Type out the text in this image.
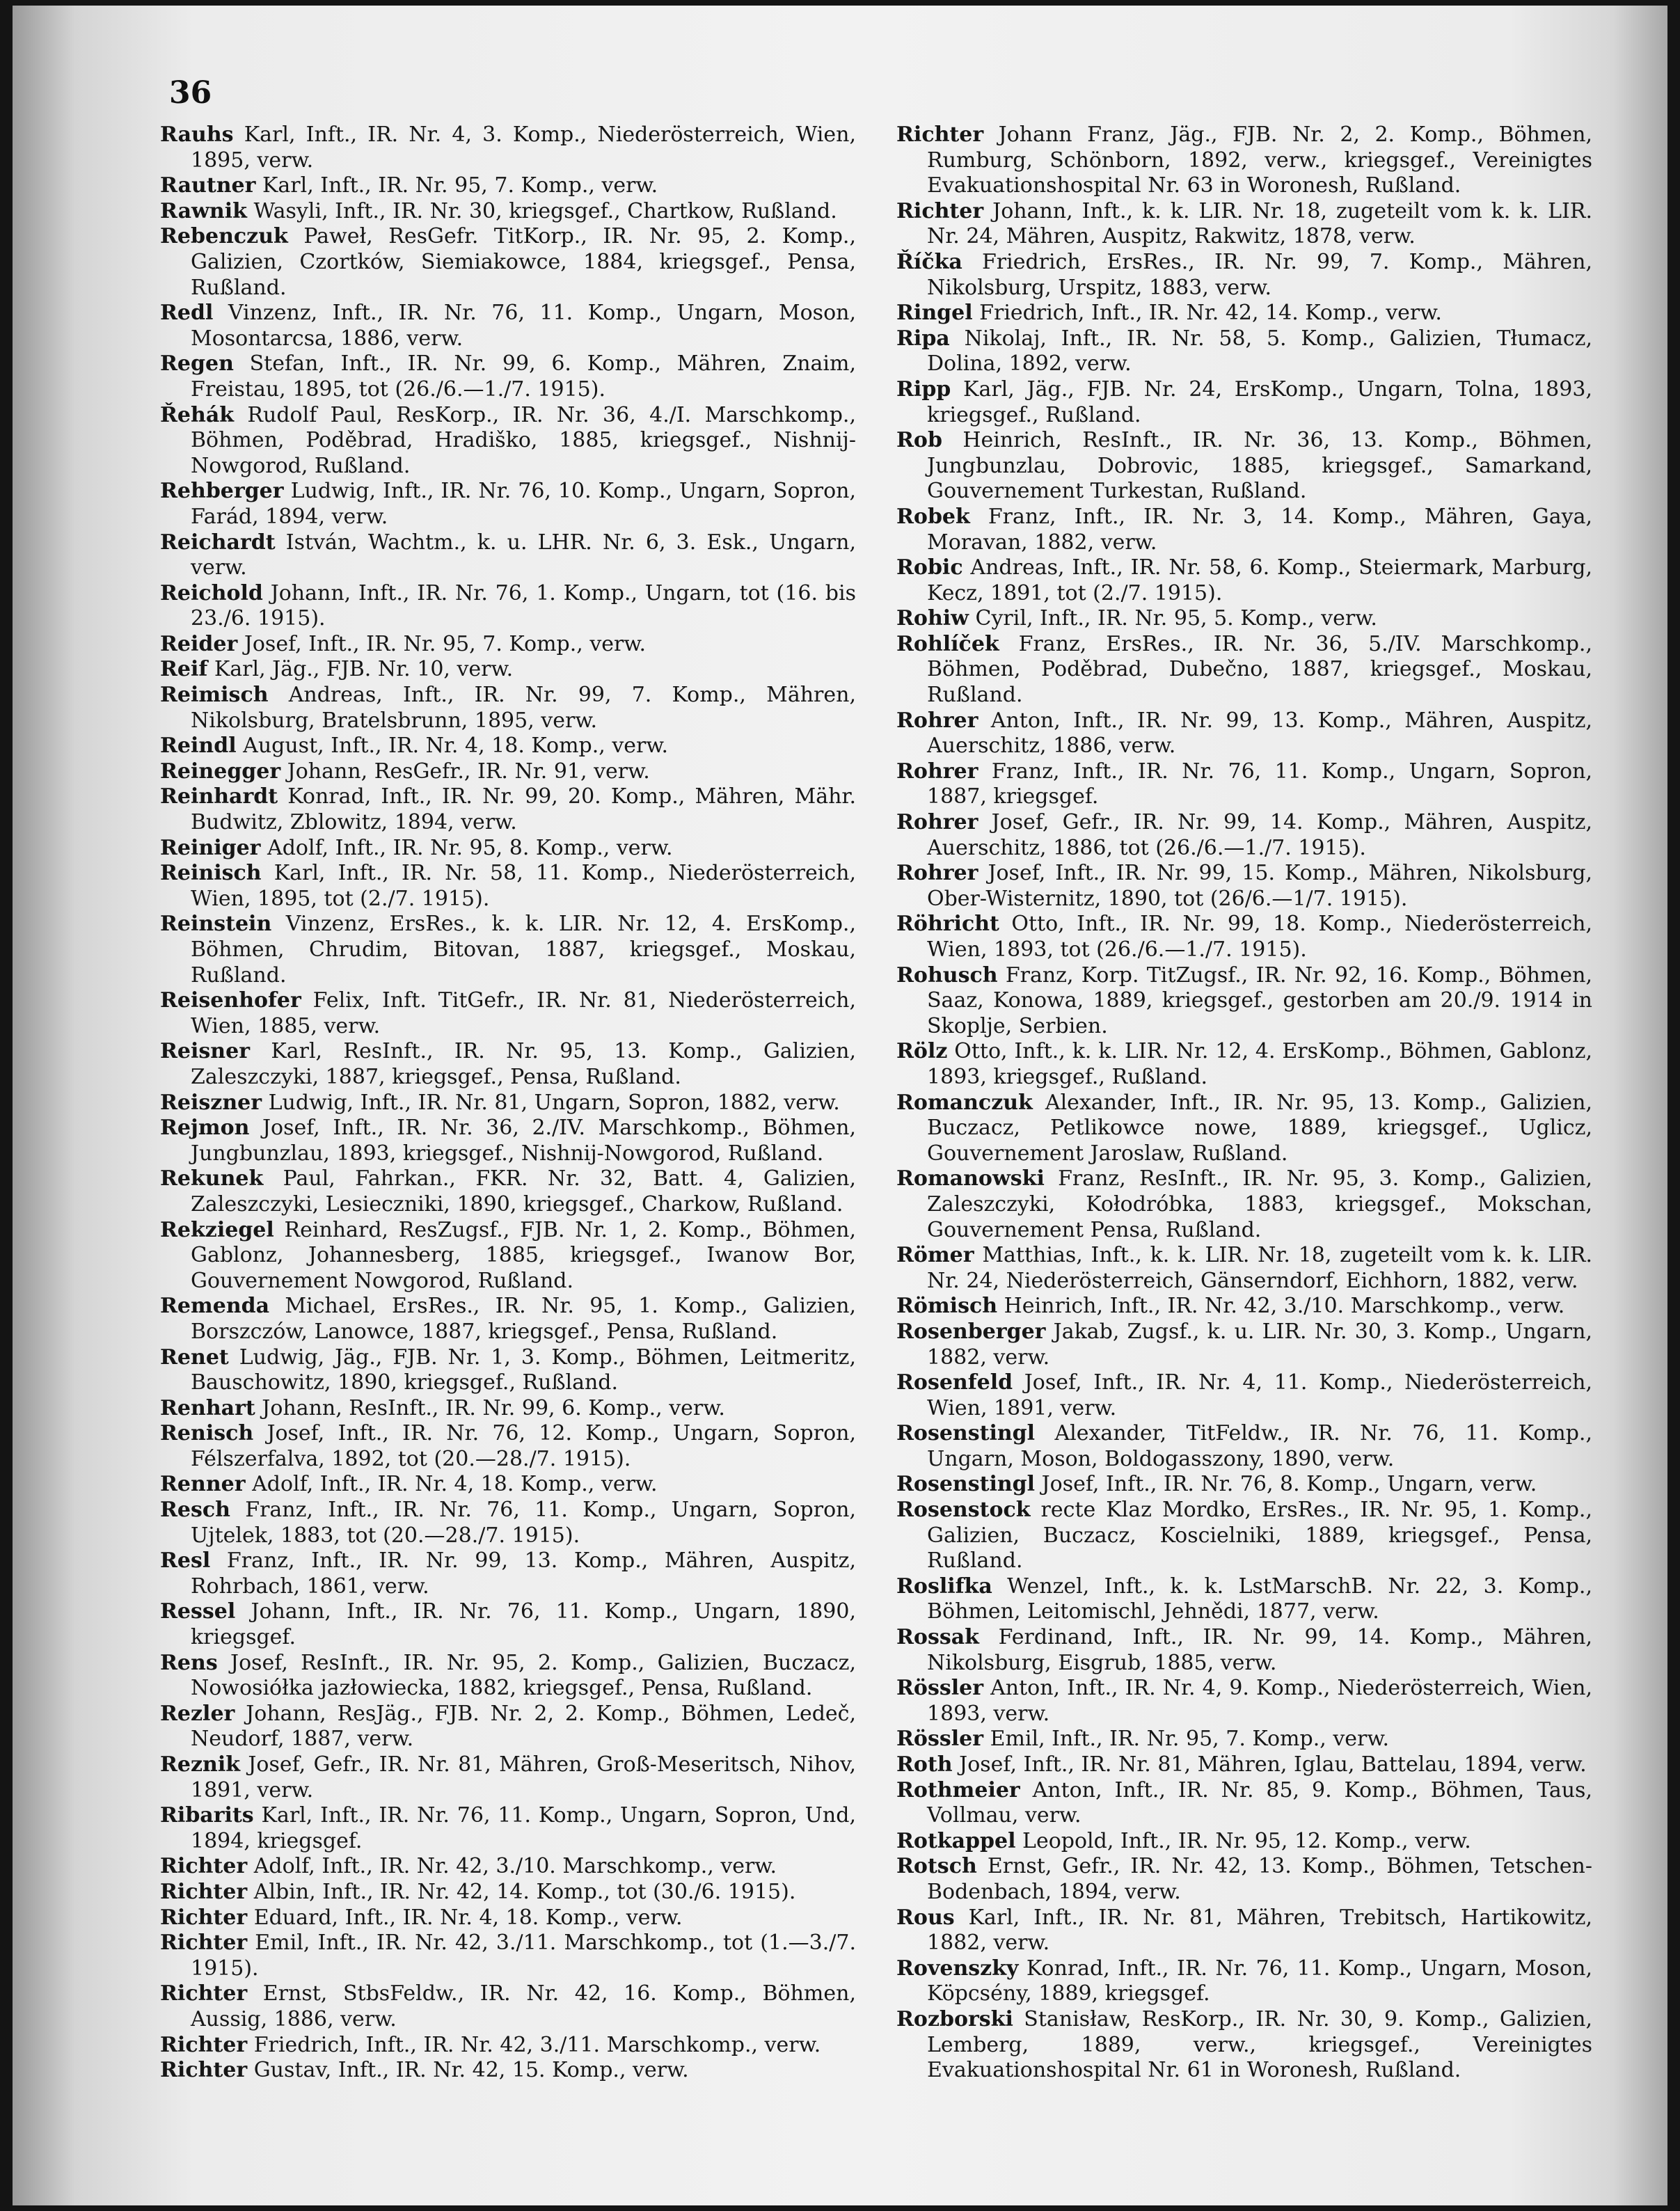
36
Rauhs Karl, Inft., IR. Nr. 4, 3. Komp., Niederösterreich, Wien, 1895, verw.
Rautner Karl, Inft., IR. Nr. 95, 7. Komp., verw.
Rawnik Wasyli, Inft., IR. Nr. 30, kriegsgef., Chartkow, Rußland.
Rebenczuk Paweł, ResGefr. TitKorp., IR. Nr. 95, 2. Komp., Galizien, Czortków, Siemiakowce, 1884, kriegsgef., Pensa, Rußland.
Redl Vinzenz, Inft., IR. Nr. 76, 11. Komp., Ungarn, Moson, Mosontarcsa, 1886, verw.
Regen Stefan, Inft., IR. Nr. 99, 6. Komp., Mähren, Znaim, Freistau, 1895, tot (26./6.—1./7. 1915).
Řehák Rudolf Paul, ResKorp., IR. Nr. 36, 4./I. Marschkomp., Böhmen, Poděbrad, Hradiško, 1885, kriegsgef., Nishnij-Nowgorod, Rußland.
Rehberger Ludwig, Inft., IR. Nr. 76, 10. Komp., Ungarn, Sopron, Farád, 1894, verw.
Reichardt István, Wachtm., k. u. LHR. Nr. 6, 3. Esk., Ungarn, verw.
Reichold Johann, Inft., IR. Nr. 76, 1. Komp., Ungarn, tot (16. bis 23./6. 1915).
Reider Josef, Inft., IR. Nr. 95, 7. Komp., verw.
Reif Karl, Jäg., FJB. Nr. 10, verw.
Reimisch Andreas, Inft., IR. Nr. 99, 7. Komp., Mähren, Nikolsburg, Bratelsbrunn, 1895, verw.
Reindl August, Inft., IR. Nr. 4, 18. Komp., verw.
Reinegger Johann, ResGefr., IR. Nr. 91, verw.
Reinhardt Konrad, Inft., IR. Nr. 99, 20. Komp., Mähren, Mähr. Budwitz, Zblowitz, 1894, verw.
Reiniger Adolf, Inft., IR. Nr. 95, 8. Komp., verw.
Reinisch Karl, Inft., IR. Nr. 58, 11. Komp., Niederösterreich, Wien, 1895, tot (2./7. 1915).
Reinstein Vinzenz, ErsRes., k. k. LIR. Nr. 12, 4. ErsKomp., Böhmen, Chrudim, Bitovan, 1887, kriegsgef., Moskau, Rußland.
Reisenhofer Felix, Inft. TitGefr., IR. Nr. 81, Niederösterreich, Wien, 1885, verw.
Reisner Karl, ResInft., IR. Nr. 95, 13. Komp., Galizien, Zaleszczyki, 1887, kriegsgef., Pensa, Rußland.
Reiszner Ludwig, Inft., IR. Nr. 81, Ungarn, Sopron, 1882, verw.
Rejmon Josef, Inft., IR. Nr. 36, 2./IV. Marschkomp., Böhmen, Jungbunzlau, 1893, kriegsgef., Nishnij-Nowgorod, Rußland.
Rekunek Paul, Fahrkan., FKR. Nr. 32, Batt. 4, Galizien, Zaleszczyki, Lesieczniki, 1890, kriegsgef., Charkow, Rußland.
Rekziegel Reinhard, ResZugsf., FJB. Nr. 1, 2. Komp., Böhmen, Gablonz, Johannesberg, 1885, kriegsgef., Iwanow Bor, Gouvernement Nowgorod, Rußland.
Remenda Michael, ErsRes., IR. Nr. 95, 1. Komp., Galizien, Borszczów, Lanowce, 1887, kriegsgef., Pensa, Rußland.
Renet Ludwig, Jäg., FJB. Nr. 1, 3. Komp., Böhmen, Leitmeritz, Bauschowitz, 1890, kriegsgef., Rußland.
Renhart Johann, ResInft., IR. Nr. 99, 6. Komp., verw.
Renisch Josef, Inft., IR. Nr. 76, 12. Komp., Ungarn, Sopron, Félszerfalva, 1892, tot (20.—28./7. 1915).
Renner Adolf, Inft., IR. Nr. 4, 18. Komp., verw.
Resch Franz, Inft., IR. Nr. 76, 11. Komp., Ungarn, Sopron, Ujtelek, 1883, tot (20.—28./7. 1915).
Resl Franz, Inft., IR. Nr. 99, 13. Komp., Mähren, Auspitz, Rohrbach, 1861, verw.
Ressel Johann, Inft., IR. Nr. 76, 11. Komp., Ungarn, 1890, kriegsgef.
Rens Josef, ResInft., IR. Nr. 95, 2. Komp., Galizien, Buczacz, Nowosiółka jazłowiecka, 1882, kriegsgef., Pensa, Rußland.
Rezler Johann, ResJäg., FJB. Nr. 2, 2. Komp., Böhmen, Ledeč, Neudorf, 1887, verw.
Reznik Josef, Gefr., IR. Nr. 81, Mähren, Groß-Meseritsch, Nihov, 1891, verw.
Ribarits Karl, Inft., IR. Nr. 76, 11. Komp., Ungarn, Sopron, Und, 1894, kriegsgef.
Richter Adolf, Inft., IR. Nr. 42, 3./10. Marschkomp., verw.
Richter Albin, Inft., IR. Nr. 42, 14. Komp., tot (30./6. 1915).
Richter Eduard, Inft., IR. Nr. 4, 18. Komp., verw.
Richter Emil, Inft., IR. Nr. 42, 3./11. Marschkomp., tot (1.—3./7. 1915).
Richter Ernst, StbsFeldw., IR. Nr. 42, 16. Komp., Böhmen, Aussig, 1886, verw.
Richter Friedrich, Inft., IR. Nr. 42, 3./11. Marschkomp., verw.
Richter Gustav, Inft., IR. Nr. 42, 15. Komp., verw.
Richter Johann Franz, Jäg., FJB. Nr. 2, 2. Komp., Böhmen, Rumburg, Schönborn, 1892, verw., kriegsgef., Vereinigtes Evakuationshospital Nr. 63 in Woronesh, Rußland.
Richter Johann, Inft., k. k. LIR. Nr. 18, zugeteilt vom k. k. LIR. Nr. 24, Mähren, Auspitz, Rakwitz, 1878, verw.
Říčka Friedrich, ErsRes., IR. Nr. 99, 7. Komp., Mähren, Nikolsburg, Urspitz, 1883, verw.
Ringel Friedrich, Inft., IR. Nr. 42, 14. Komp., verw.
Ripa Nikolaj, Inft., IR. Nr. 58, 5. Komp., Galizien, Tłumacz, Dolina, 1892, verw.
Ripp Karl, Jäg., FJB. Nr. 24, ErsKomp., Ungarn, Tolna, 1893, kriegsgef., Rußland.
Rob Heinrich, ResInft., IR. Nr. 36, 13. Komp., Böhmen, Jungbunzlau, Dobrovic, 1885, kriegsgef., Samarkand, Gouvernement Turkestan, Rußland.
Robek Franz, Inft., IR. Nr. 3, 14. Komp., Mähren, Gaya, Moravan, 1882, verw.
Robic Andreas, Inft., IR. Nr. 58, 6. Komp., Steiermark, Marburg, Kecz, 1891, tot (2./7. 1915).
Rohiw Cyril, Inft., IR. Nr. 95, 5. Komp., verw.
Rohlíček Franz, ErsRes., IR. Nr. 36, 5./IV. Marschkomp., Böhmen, Poděbrad, Dubečno, 1887, kriegsgef., Moskau, Rußland.
Rohrer Anton, Inft., IR. Nr. 99, 13. Komp., Mähren, Auspitz, Auerschitz, 1886, verw.
Rohrer Franz, Inft., IR. Nr. 76, 11. Komp., Ungarn, Sopron, 1887, kriegsgef.
Rohrer Josef, Gefr., IR. Nr. 99, 14. Komp., Mähren, Auspitz, Auerschitz, 1886, tot (26./6.—1./7. 1915).
Rohrer Josef, Inft., IR. Nr. 99, 15. Komp., Mähren, Nikolsburg, Ober-Wisternitz, 1890, tot (26/6.—1/7. 1915).
Röhricht Otto, Inft., IR. Nr. 99, 18. Komp., Niederösterreich, Wien, 1893, tot (26./6.—1./7. 1915).
Rohusch Franz, Korp. TitZugsf., IR. Nr. 92, 16. Komp., Böhmen, Saaz, Konowa, 1889, kriegsgef., gestorben am 20./9. 1914 in Skoplje, Serbien.
Rölz Otto, Inft., k. k. LIR. Nr. 12, 4. ErsKomp., Böhmen, Gablonz, 1893, kriegsgef., Rußland.
Romanczuk Alexander, Inft., IR. Nr. 95, 13. Komp., Galizien, Buczacz, Petlikowce nowe, 1889, kriegsgef., Uglicz, Gouvernement Jaroslaw, Rußland.
Romanowski Franz, ResInft., IR. Nr. 95, 3. Komp., Galizien, Zaleszczyki, Kołodróbka, 1883, kriegsgef., Mokschan, Gouvernement Pensa, Rußland.
Römer Matthias, Inft., k. k. LIR. Nr. 18, zugeteilt vom k. k. LIR. Nr. 24, Niederösterreich, Gänserndorf, Eichhorn, 1882, verw.
Römisch Heinrich, Inft., IR. Nr. 42, 3./10. Marschkomp., verw.
Rosenberger Jakab, Zugsf., k. u. LIR. Nr. 30, 3. Komp., Ungarn, 1882, verw.
Rosenfeld Josef, Inft., IR. Nr. 4, 11. Komp., Niederösterreich, Wien, 1891, verw.
Rosenstingl Alexander, TitFeldw., IR. Nr. 76, 11. Komp., Ungarn, Moson, Boldogasszony, 1890, verw.
Rosenstingl Josef, Inft., IR. Nr. 76, 8. Komp., Ungarn, verw.
Rosenstock recte Klaz Mordko, ErsRes., IR. Nr. 95, 1. Komp., Galizien, Buczacz, Koscielniki, 1889, kriegsgef., Pensa, Rußland.
Roslifka Wenzel, Inft., k. k. LstMarschB. Nr. 22, 3. Komp., Böhmen, Leitomischl, Jehnědi, 1877, verw.
Rossak Ferdinand, Inft., IR. Nr. 99, 14. Komp., Mähren, Nikolsburg, Eisgrub, 1885, verw.
Rössler Anton, Inft., IR. Nr. 4, 9. Komp., Niederösterreich, Wien, 1893, verw.
Rössler Emil, Inft., IR. Nr. 95, 7. Komp., verw.
Roth Josef, Inft., IR. Nr. 81, Mähren, Iglau, Battelau, 1894, verw.
Rothmeier Anton, Inft., IR. Nr. 85, 9. Komp., Böhmen, Taus, Vollmau, verw.
Rotkappel Leopold, Inft., IR. Nr. 95, 12. Komp., verw.
Rotsch Ernst, Gefr., IR. Nr. 42, 13. Komp., Böhmen, Tetschen-Bodenbach, 1894, verw.
Rous Karl, Inft., IR. Nr. 81, Mähren, Trebitsch, Hartikowitz, 1882, verw.
Rovenszky Konrad, Inft., IR. Nr. 76, 11. Komp., Ungarn, Moson, Köpcsény, 1889, kriegsgef.
Rozborski Stanisław, ResKorp., IR. Nr. 30, 9. Komp., Galizien, Lemberg, 1889, verw., kriegsgef., Vereinigtes Evakuationshospital Nr. 61 in Woronesh, Rußland.
